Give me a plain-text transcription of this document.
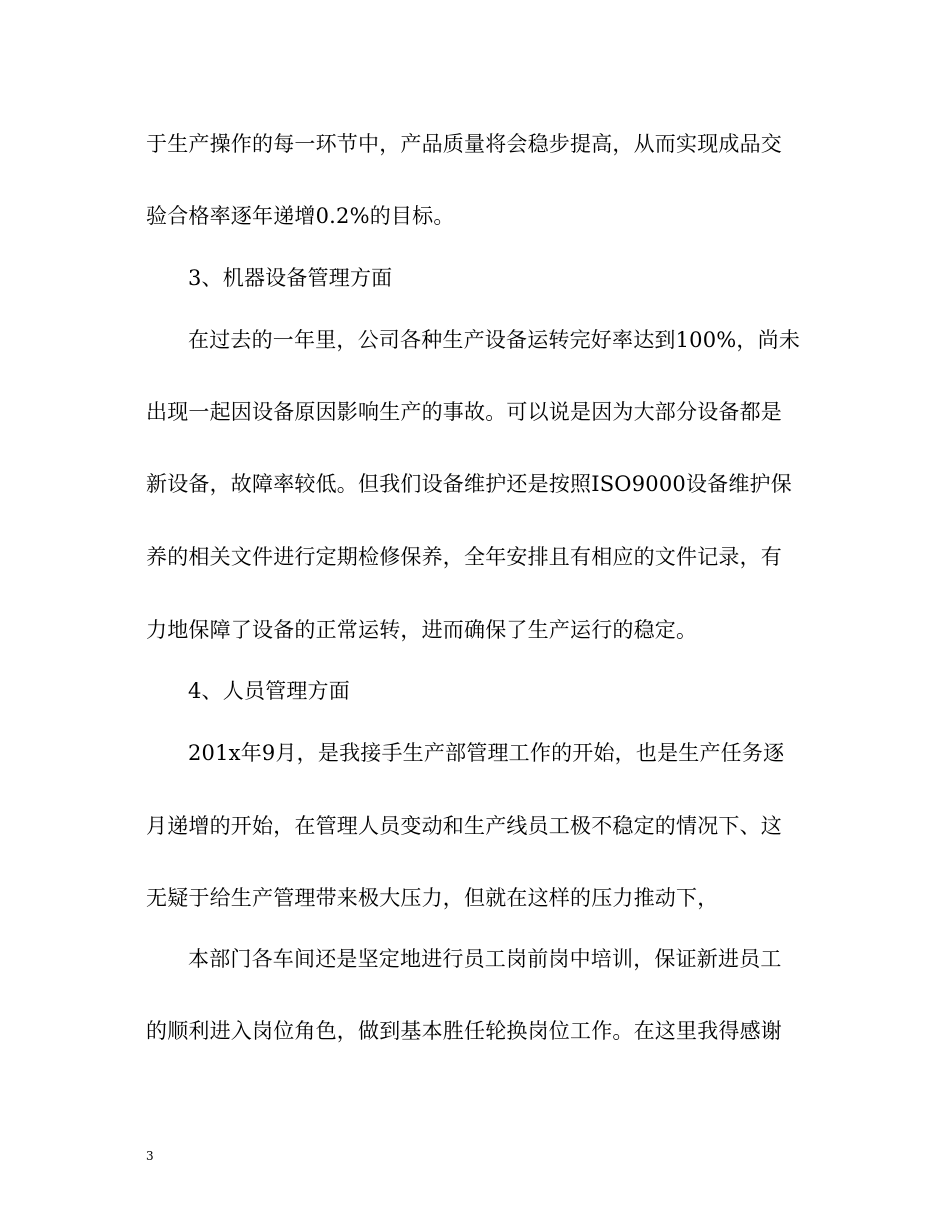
于生产操作的每一环节中，产品质量将会稳步提高，从而实现成品交
验合格率逐年递增0.2%的目标。
3、机器设备管理方面
在过去的一年里，公司各种生产设备运转完好率达到100%，尚未
出现一起因设备原因影响生产的事故。可以说是因为大部分设备都是
新设备，故障率较低。但我们设备维护还是按照ISO9000设备维护保
养的相关文件进行定期检修保养，全年安排且有相应的文件记录，有
力地保障了设备的正常运转，进而确保了生产运行的稳定。
4、人员管理方面
201x年9月，是我接手生产部管理工作的开始，也是生产任务逐
月递增的开始，在管理人员变动和生产线员工极不稳定的情况下、这
无疑于给生产管理带来极大压力，但就在这样的压力推动下，
本部门各车间还是坚定地进行员工岗前岗中培训，保证新进员工
的顺利进入岗位角色，做到基本胜任轮换岗位工作。在这里我得感谢
3
